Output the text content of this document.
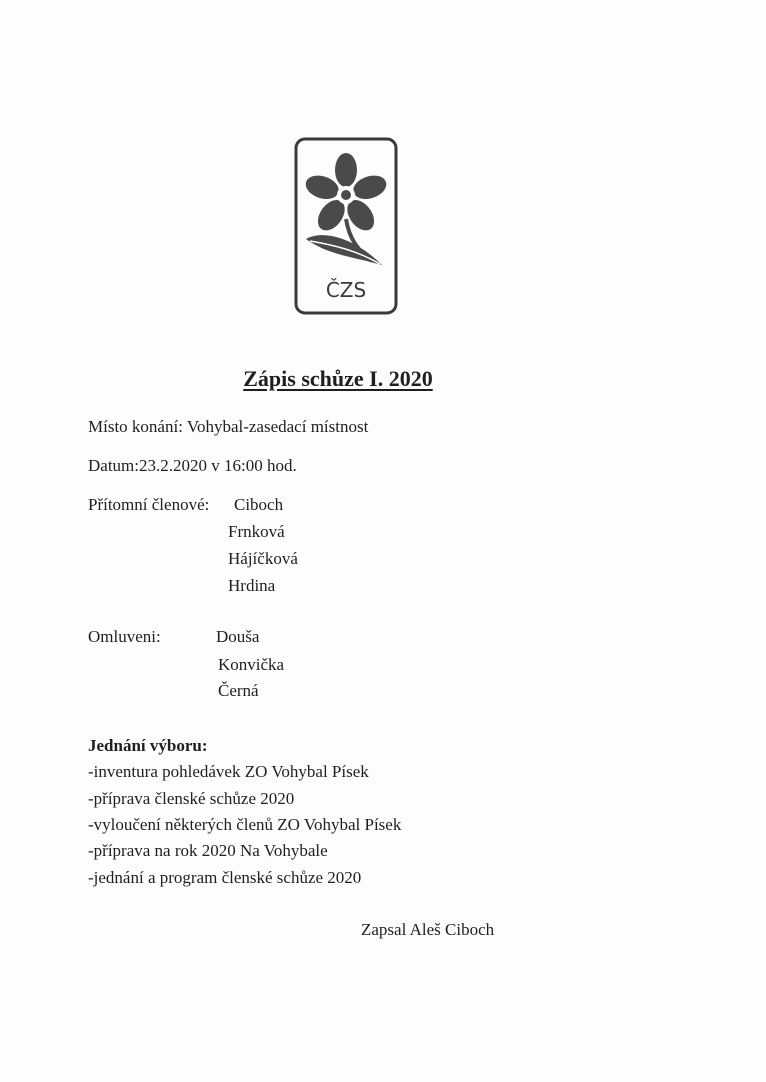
ČZS
Zápis schůze I. 2020
Místo konání: Vohybal-zasedací místnost
Datum:23.2.2020 v 16:00 hod.
Přítomní členové: Ciboch
Frnková
Hájíčková
Hrdina
Omluveni:	Douša
Konvička
Černá
Jednání výboru:
-inventura pohledávek ZO Vohybal Písek
-příprava členské schůze 2020
-vyloučení některých členů ZO Vohybal Písek
-příprava na rok 2020 Na Vohybale
-jednání a program členské schůze 2020
Zapsal Aleš Ciboch
